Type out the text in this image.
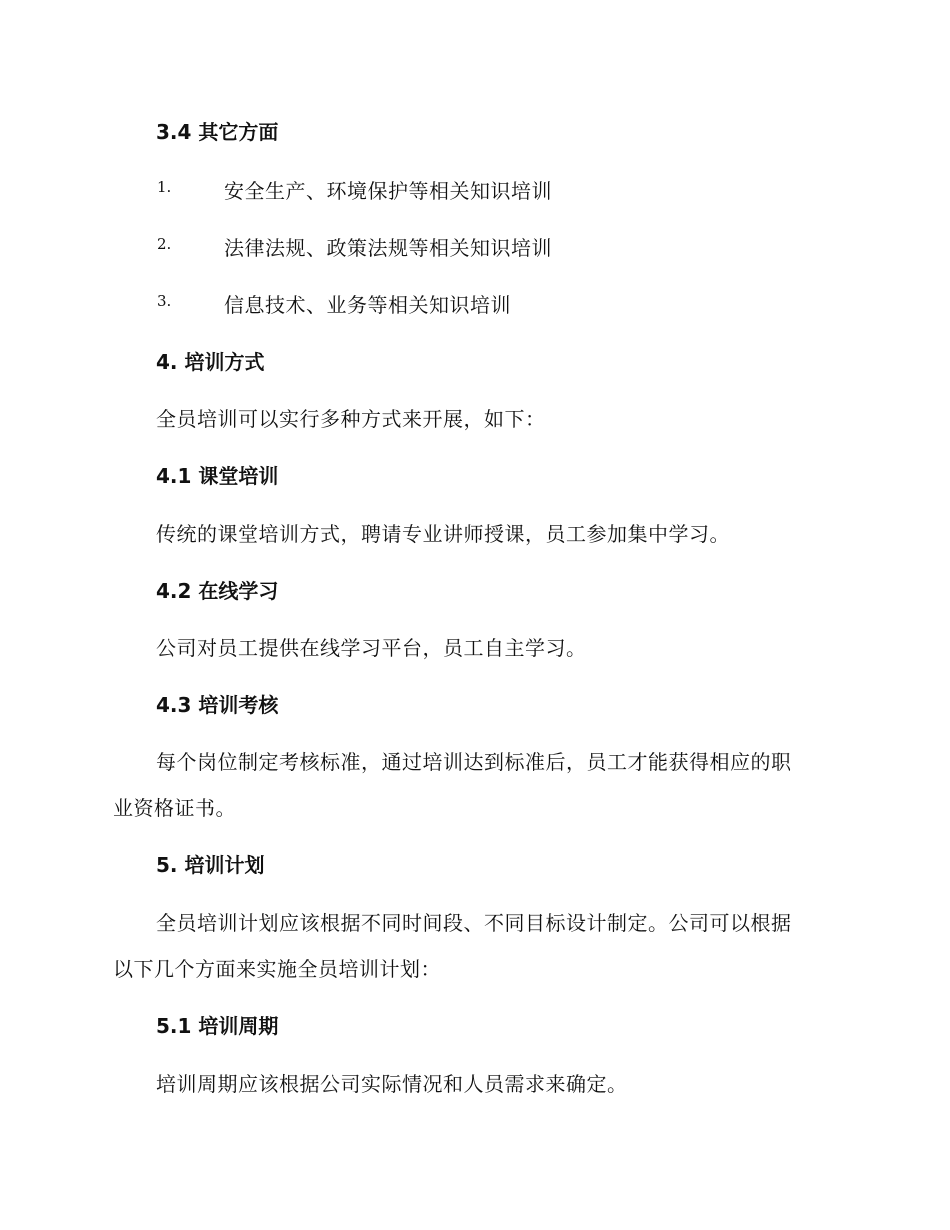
3.4 其它方面
1.	安全生产、环境保护等相关知识培训
2.	法律法规、政策法规等相关知识培训
3.	信息技术、业务等相关知识培训
4. 培训方式
全员培训可以实行多种方式来开展，如下：
4.1 课堂培训
传统的课堂培训方式，聘请专业讲师授课，员工参加集中学习。
4.2 在线学习
公司对员工提供在线学习平台，员工自主学习。
4.3 培训考核
每个岗位制定考核标准，通过培训达到标准后，员工才能获得相应的职
业资格证书。
5. 培训计划
全员培训计划应该根据不同时间段、不同目标设计制定。公司可以根据
以下几个方面来实施全员培训计划：
5.1 培训周期
培训周期应该根据公司实际情况和人员需求来确定。
